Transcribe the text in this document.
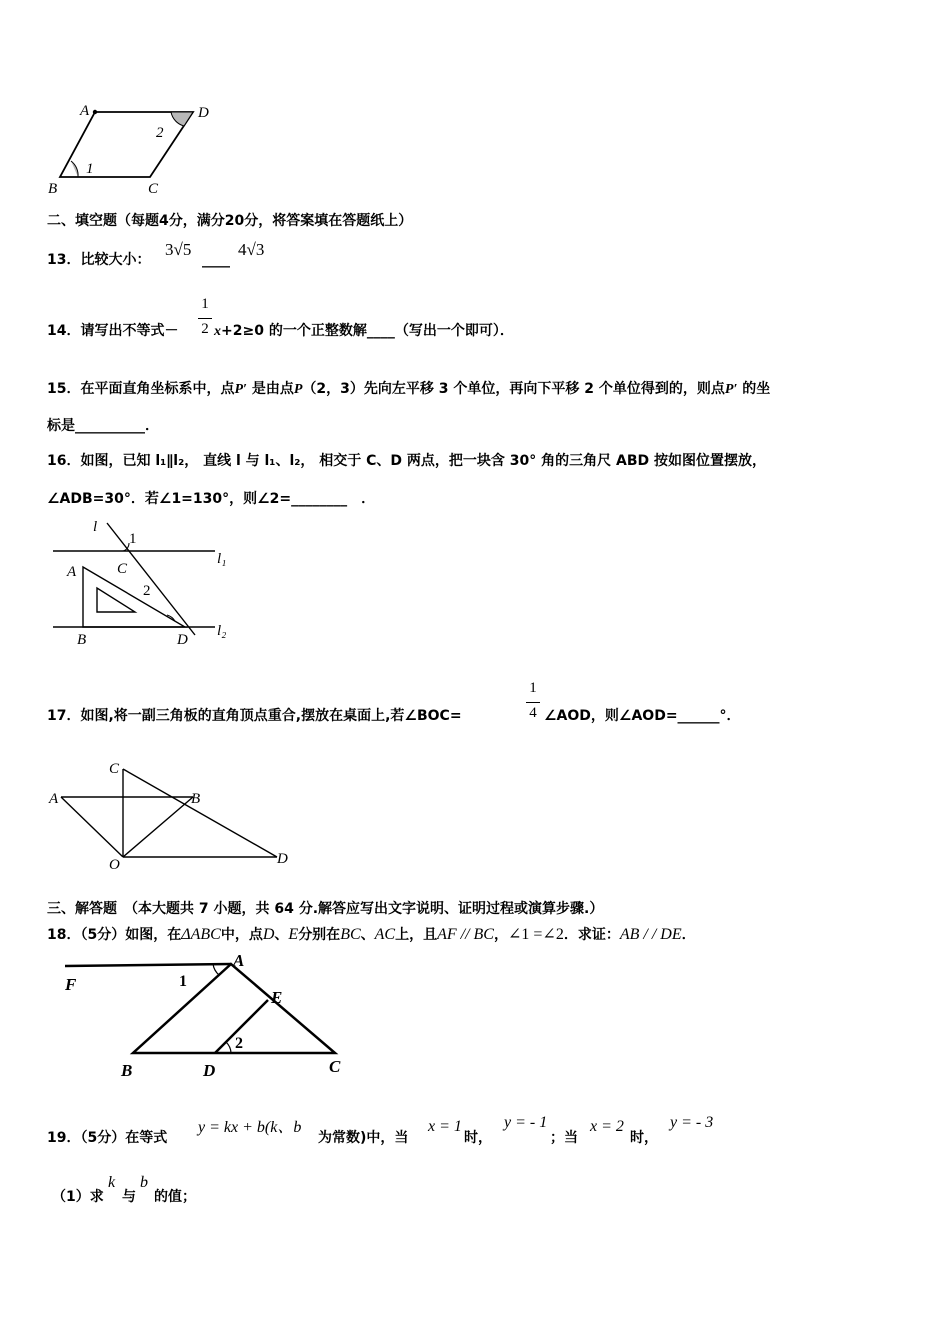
A	D
B	C
1
2
二、填空题（每题4分，满分20分，将答案填在答题纸上）
13．比较大小：
3√5
____
4√3
14．请写出不等式－
1
2 x+2≥0 的一个正整数解____（写出一个即可）．
15．在平面直角坐标系中，点P′ 是由点P（2，3）先向左平移 3 个单位，再向下平移 2 个单位得到的，则点P′ 的坐
标是__________．
16．如图，已知 l₁∥l₂， 直线 l 与 l₁、l₂， 相交于 C、D 两点，把一块含 30° 角的三角尺 ABD 按如图位置摆放，
∠ADB=30°．若∠1=130°，则∠2=________　．
l
1
l₁
l₂
A	C
2
B	D
17．如图,将一副三角板的直角顶点重合,摆放在桌面上,若∠BOC=
1
4 ∠AOD，则∠AOD=______°．
C
A	B
O	D
三、解答题　（本大题共 7 小题，共 64 分.解答应写出文字说明、证明过程或演算步骤.）
18．（5分）如图，在ΔABC中，点D、E分别在BC、AC上，且AF // BC，∠1 =∠2．求证：AB / / DE．
F	1
A
E
2
B	D	C
19．（5分）在等式
y = kx + b(k、b
为常数)中，当
x = 1
时，
y = - 1
；当
x = 2
时，
y = - 3
（1）求
k
与
b
的值；
